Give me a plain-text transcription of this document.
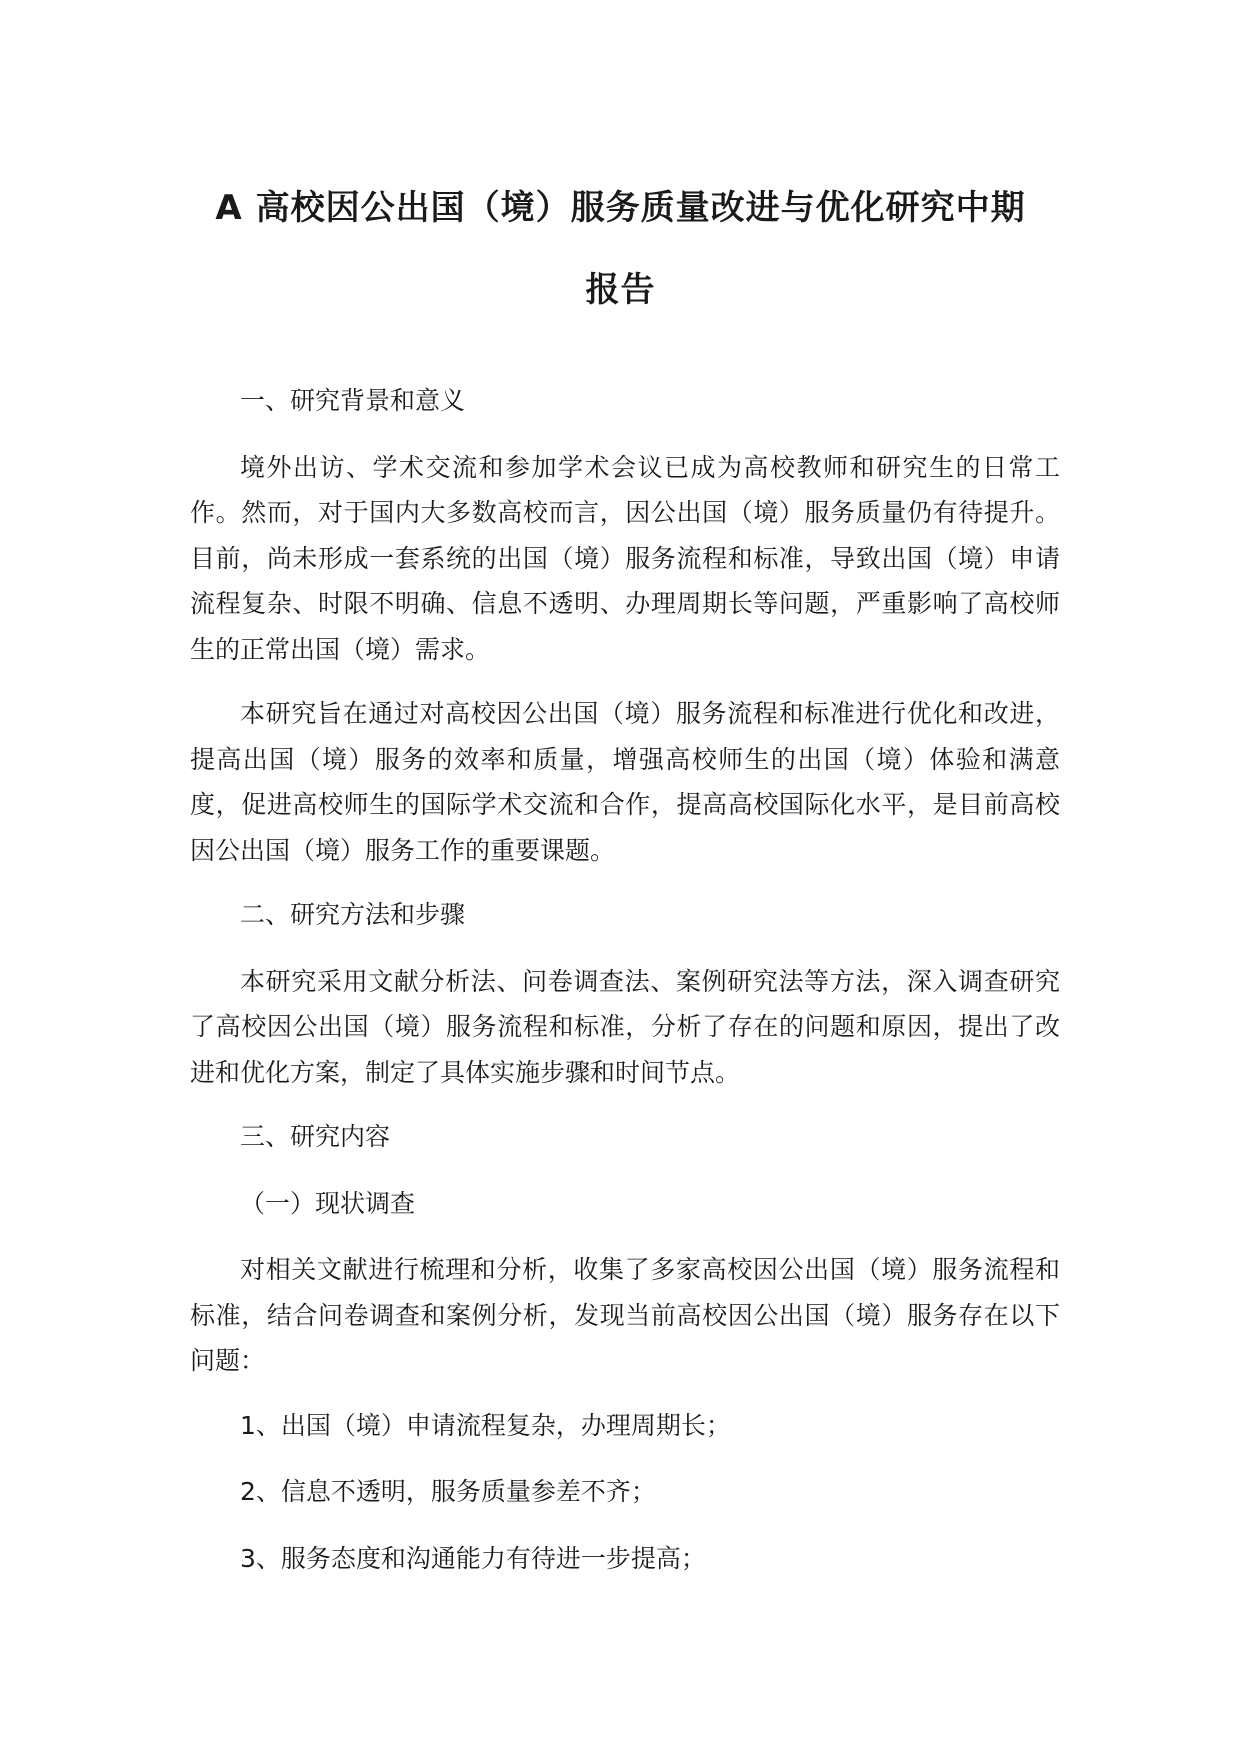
A 高校因公出国（境）服务质量改进与优化研究中期
报告

一、研究背景和意义

境外出访、学术交流和参加学术会议已成为高校教师和研究生的日常工作。然而，对于国内大多数高校而言，因公出国（境）服务质量仍有待提升。目前，尚未形成一套系统的出国（境）服务流程和标准，导致出国（境）申请流程复杂、时限不明确、信息不透明、办理周期长等问题，严重影响了高校师生的正常出国（境）需求。

本研究旨在通过对高校因公出国（境）服务流程和标准进行优化和改进，提高出国（境）服务的效率和质量，增强高校师生的出国（境）体验和满意度，促进高校师生的国际学术交流和合作，提高高校国际化水平，是目前高校因公出国（境）服务工作的重要课题。

二、研究方法和步骤

本研究采用文献分析法、问卷调查法、案例研究法等方法，深入调查研究了高校因公出国（境）服务流程和标准，分析了存在的问题和原因，提出了改进和优化方案，制定了具体实施步骤和时间节点。

三、研究内容

（一）现状调查

对相关文献进行梳理和分析，收集了多家高校因公出国（境）服务流程和标准，结合问卷调查和案例分析，发现当前高校因公出国（境）服务存在以下问题：

1、出国（境）申请流程复杂，办理周期长；

2、信息不透明，服务质量参差不齐；

3、服务态度和沟通能力有待进一步提高；
